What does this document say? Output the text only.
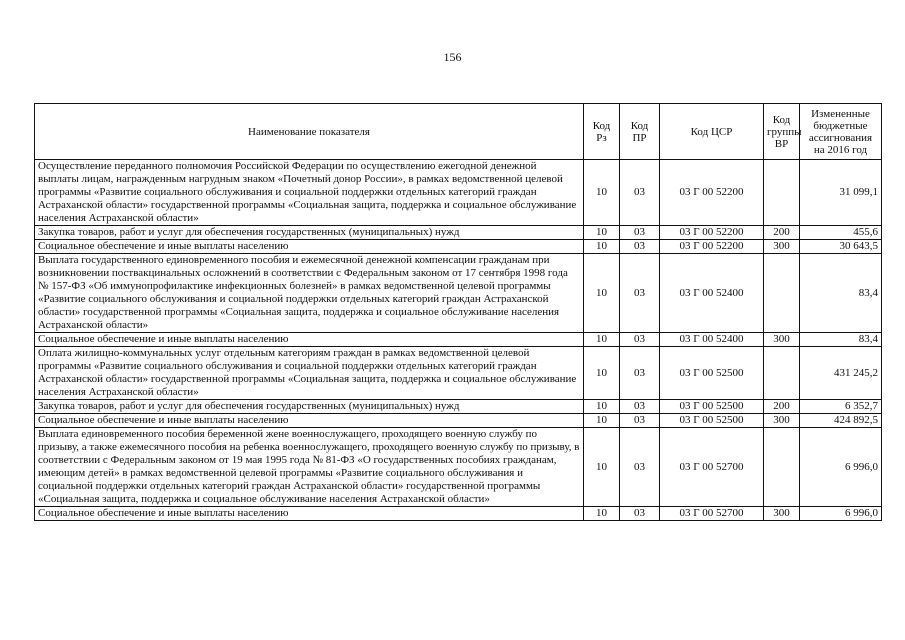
156
Наименование показателя	Код Рз	Код ПР	Код ЦСР	Код группы ВР	Измененные бюджетные ассигнования на 2016 год
Осуществление переданного полномочия Российской Федерации по осуществлению ежегодной денежной выплаты лицам, награжденным нагрудным знаком «Почетный донор России», в рамках ведомственной целевой программы «Развитие социального обслуживания и социальной поддержки отдельных категорий граждан Астраханской области» государственной программы «Социальная защита, поддержка и социальное обслуживание населения Астраханской области»	10	03	03 Г 00 52200		31 099,1
Закупка товаров, работ и услуг для обеспечения государственных (муниципальных) нужд	10	03	03 Г 00 52200	200	455,6
Социальное обеспечение и иные выплаты населению	10	03	03 Г 00 52200	300	30 643,5
Выплата государственного единовременного пособия и ежемесячной денежной компенсации гражданам при возникновении поствакцинальных осложнений в соответствии с Федеральным законом от 17 сентября 1998 года № 157-ФЗ «Об иммунопрофилактике инфекционных болезней» в рамках ведомственной целевой программы «Развитие социального обслуживания и социальной поддержки отдельных категорий граждан Астраханской области» государственной программы «Социальная защита, поддержка и социальное обслуживание населения Астраханской области»	10	03	03 Г 00 52400		83,4
Социальное обеспечение и иные выплаты населению	10	03	03 Г 00 52400	300	83,4
Оплата жилищно-коммунальных услуг отдельным категориям граждан в рамках ведомственной целевой программы «Развитие социального обслуживания и социальной поддержки отдельных категорий граждан Астраханской области» государственной программы «Социальная защита, поддержка и социальное обслуживание населения Астраханской области»	10	03	03 Г 00 52500		431 245,2
Закупка товаров, работ и услуг для обеспечения государственных (муниципальных) нужд	10	03	03 Г 00 52500	200	6 352,7
Социальное обеспечение и иные выплаты населению	10	03	03 Г 00 52500	300	424 892,5
Выплата единовременного пособия беременной жене военнослужащего, проходящего военную службу по призыву, а также ежемесячного пособия на ребенка военнослужащего, проходящего военную службу по призыву, в соответствии с Федеральным законом от 19 мая 1995 года № 81-ФЗ «О государственных пособиях гражданам, имеющим детей» в рамках ведомственной целевой программы «Развитие социального обслуживания и социальной поддержки отдельных категорий граждан Астраханской области» государственной программы «Социальная защита, поддержка и социальное обслуживание населения Астраханской области»	10	03	03 Г 00 52700		6 996,0
Социальное обеспечение и иные выплаты населению	10	03	03 Г 00 52700	300	6 996,0
